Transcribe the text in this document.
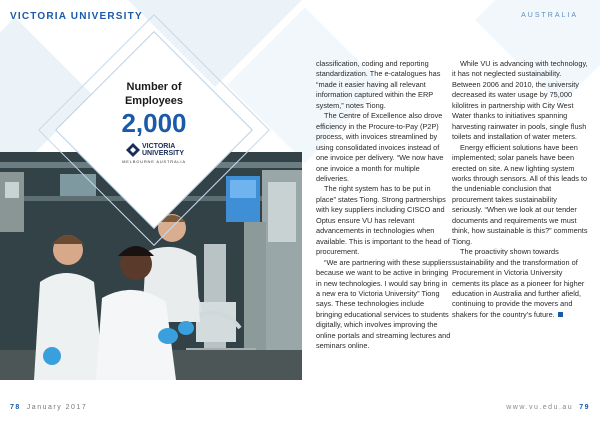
VICTORIA UNIVERSITY	AUSTRALIA
Number of Employees
2,000
VICTORIA
UNIVERSITY
MELBOURNE AUSTRALIA

classification, coding and reporting standardization. The e-catalogues has “made it easier having all relevant information captured within the ERP system,” notes Tiong.

The Centre of Excellence also drove efficiency in the Procure-to-Pay (P2P) process, with invoices streamlined by using consolidated invoices instead of one invoice per delivery. “We now have one invoice a month for multiple deliveries.

The right system has to be put in place” states Tiong. Strong partnerships with key suppliers including CISCO and Optus ensure VU has relevant advancements in technologies when available. This is important to the head of procurement.

“We are partnering with these suppliers because we want to be active in bringing in new technologies. I would say bring in a new era to Victoria University” Tiong says. These technologies include bringing educational services to students digitally, which involves improving the online portals and streaming lectures and seminars online.

While VU is advancing with technology, it has not neglected sustainability. Between 2006 and 2010, the university decreased its water usage by 75,000 kilolitres in partnership with City West Water thanks to initiatives spanning harvesting rainwater in pools, single flush toilets and installation of water meters.

Energy efficient solutions have been implemented; solar panels have been erected on site. A new lighting system works through sensors. All of this leads to the undeniable conclusion that procurement takes sustainability seriously. “When we look at our tender documents and requirements we must think, how sustainable is this?” comments Tiong.

The proactivity shown towards sustainability and the transformation of Procurement in Victoria University cements its place as a pioneer for higher education in Australia and further afield, continuing to provide the movers and shakers for the country’s future.

78 January 2017	www.vu.edu.au 79
